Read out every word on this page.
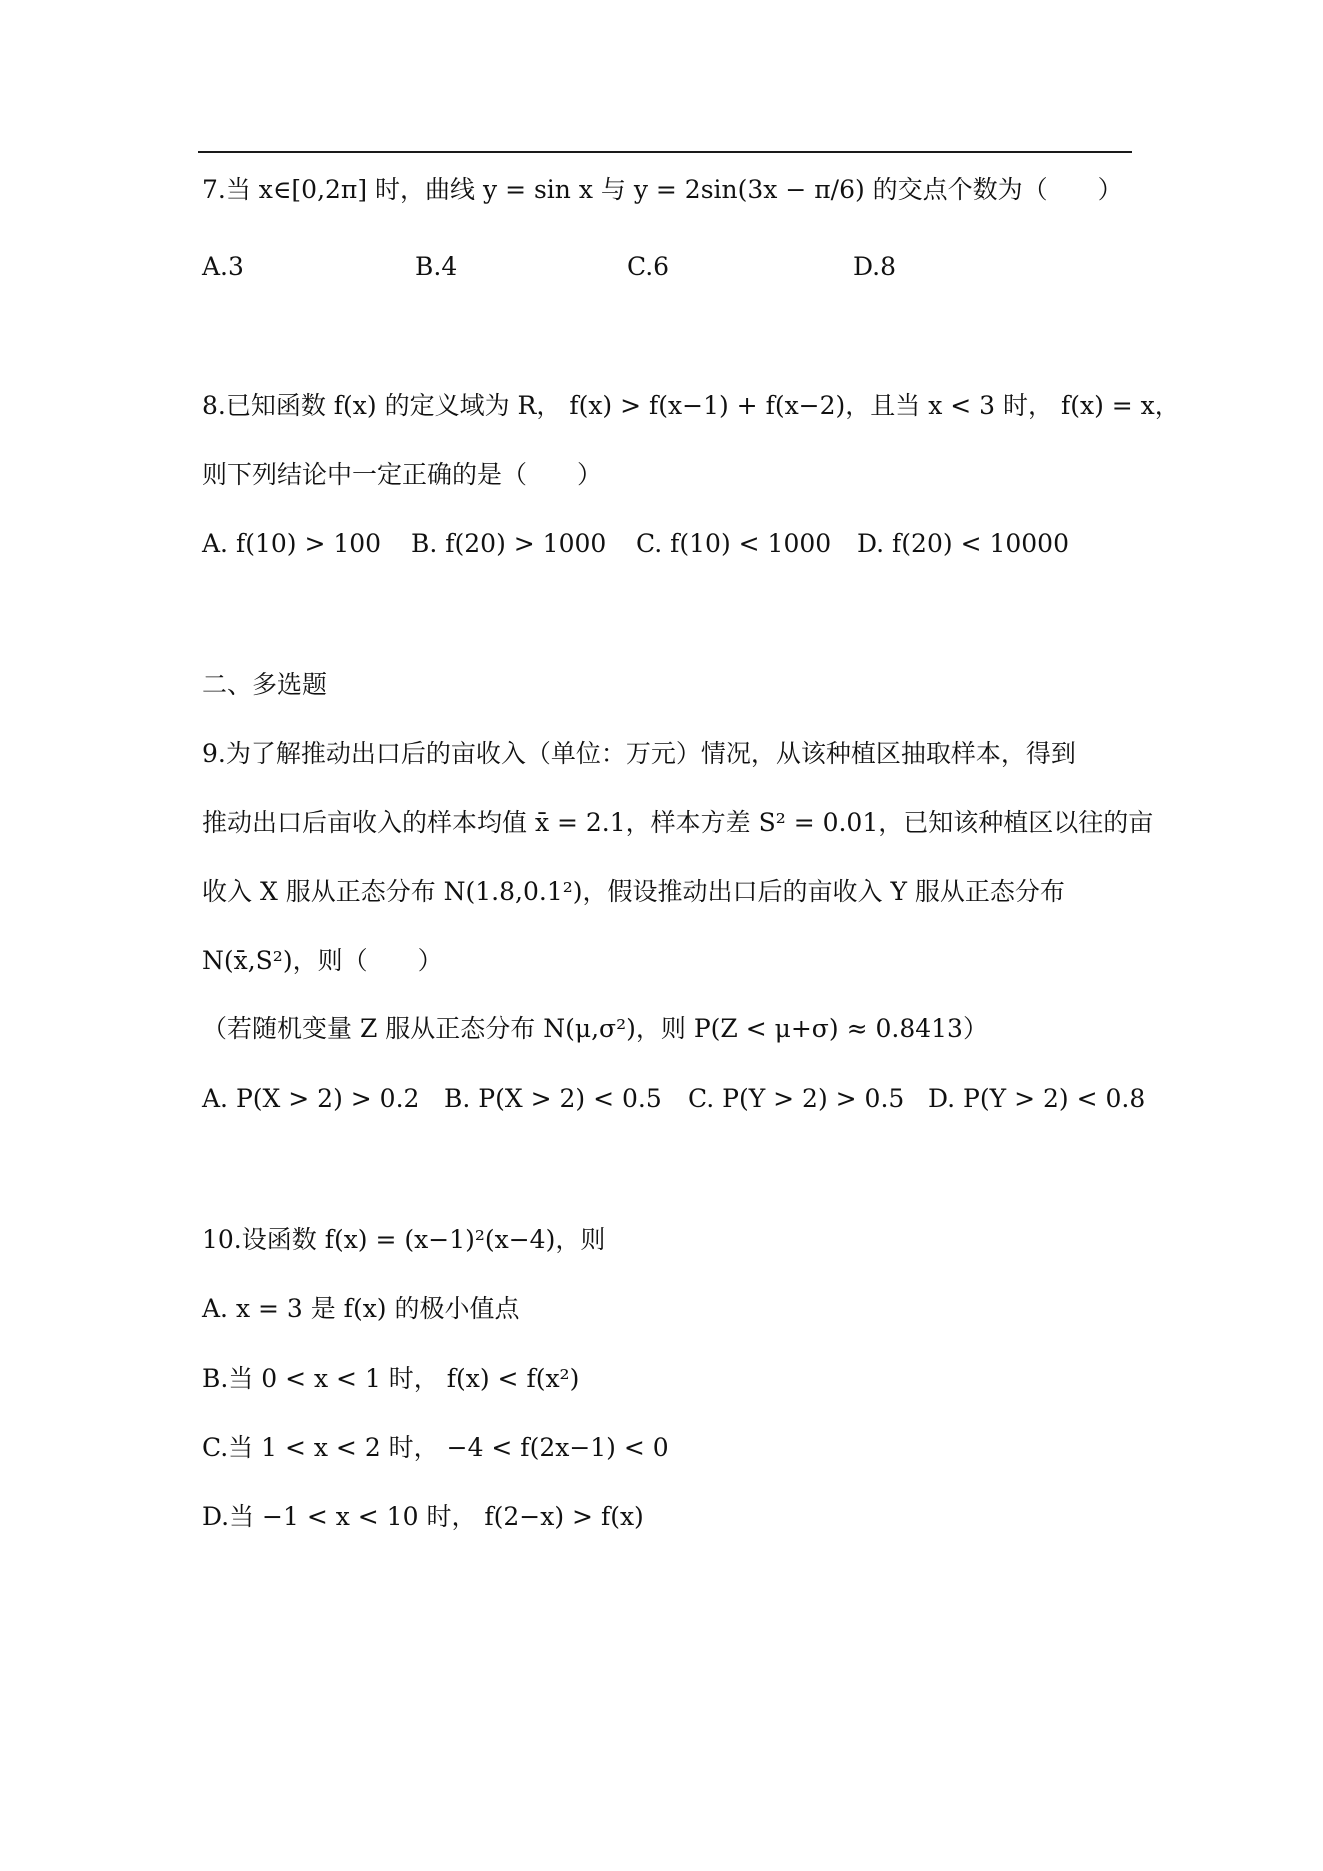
7.当 x∈[0,2π] 时，曲线 y = sin x 与 y = 2sin(3x − π/6) 的交点个数为（　　）
A.3	B.4	C.6	D.8
8.已知函数 f(x) 的定义域为 R， f(x) > f(x−1) + f(x−2)，且当 x < 3 时， f(x) = x，
则下列结论中一定正确的是（　　）
A. f(10) > 100 B. f(20) > 1000 C. f(10) < 1000 D. f(20) < 10000
二、多选题
9.为了解推动出口后的亩收入（单位：万元）情况，从该种植区抽取样本，得到
推动出口后亩收入的样本均值 x̄ = 2.1，样本方差 S² = 0.01，已知该种植区以往的亩
收入 X 服从正态分布 N(1.8,0.1²)，假设推动出口后的亩收入 Y 服从正态分布
N(x̄,S²)，则（　　）
（若随机变量 Z 服从正态分布 N(μ,σ²)，则 P(Z < μ+σ) ≈ 0.8413）
A. P(X > 2) > 0.2 B. P(X > 2) < 0.5 C. P(Y > 2) > 0.5 D. P(Y > 2) < 0.8
10.设函数 f(x) = (x−1)²(x−4)，则
A. x = 3 是 f(x) 的极小值点
B.当 0 < x < 1 时， f(x) < f(x²)
C.当 1 < x < 2 时， −4 < f(2x−1) < 0
D.当 −1 < x < 10 时， f(2−x) > f(x)
